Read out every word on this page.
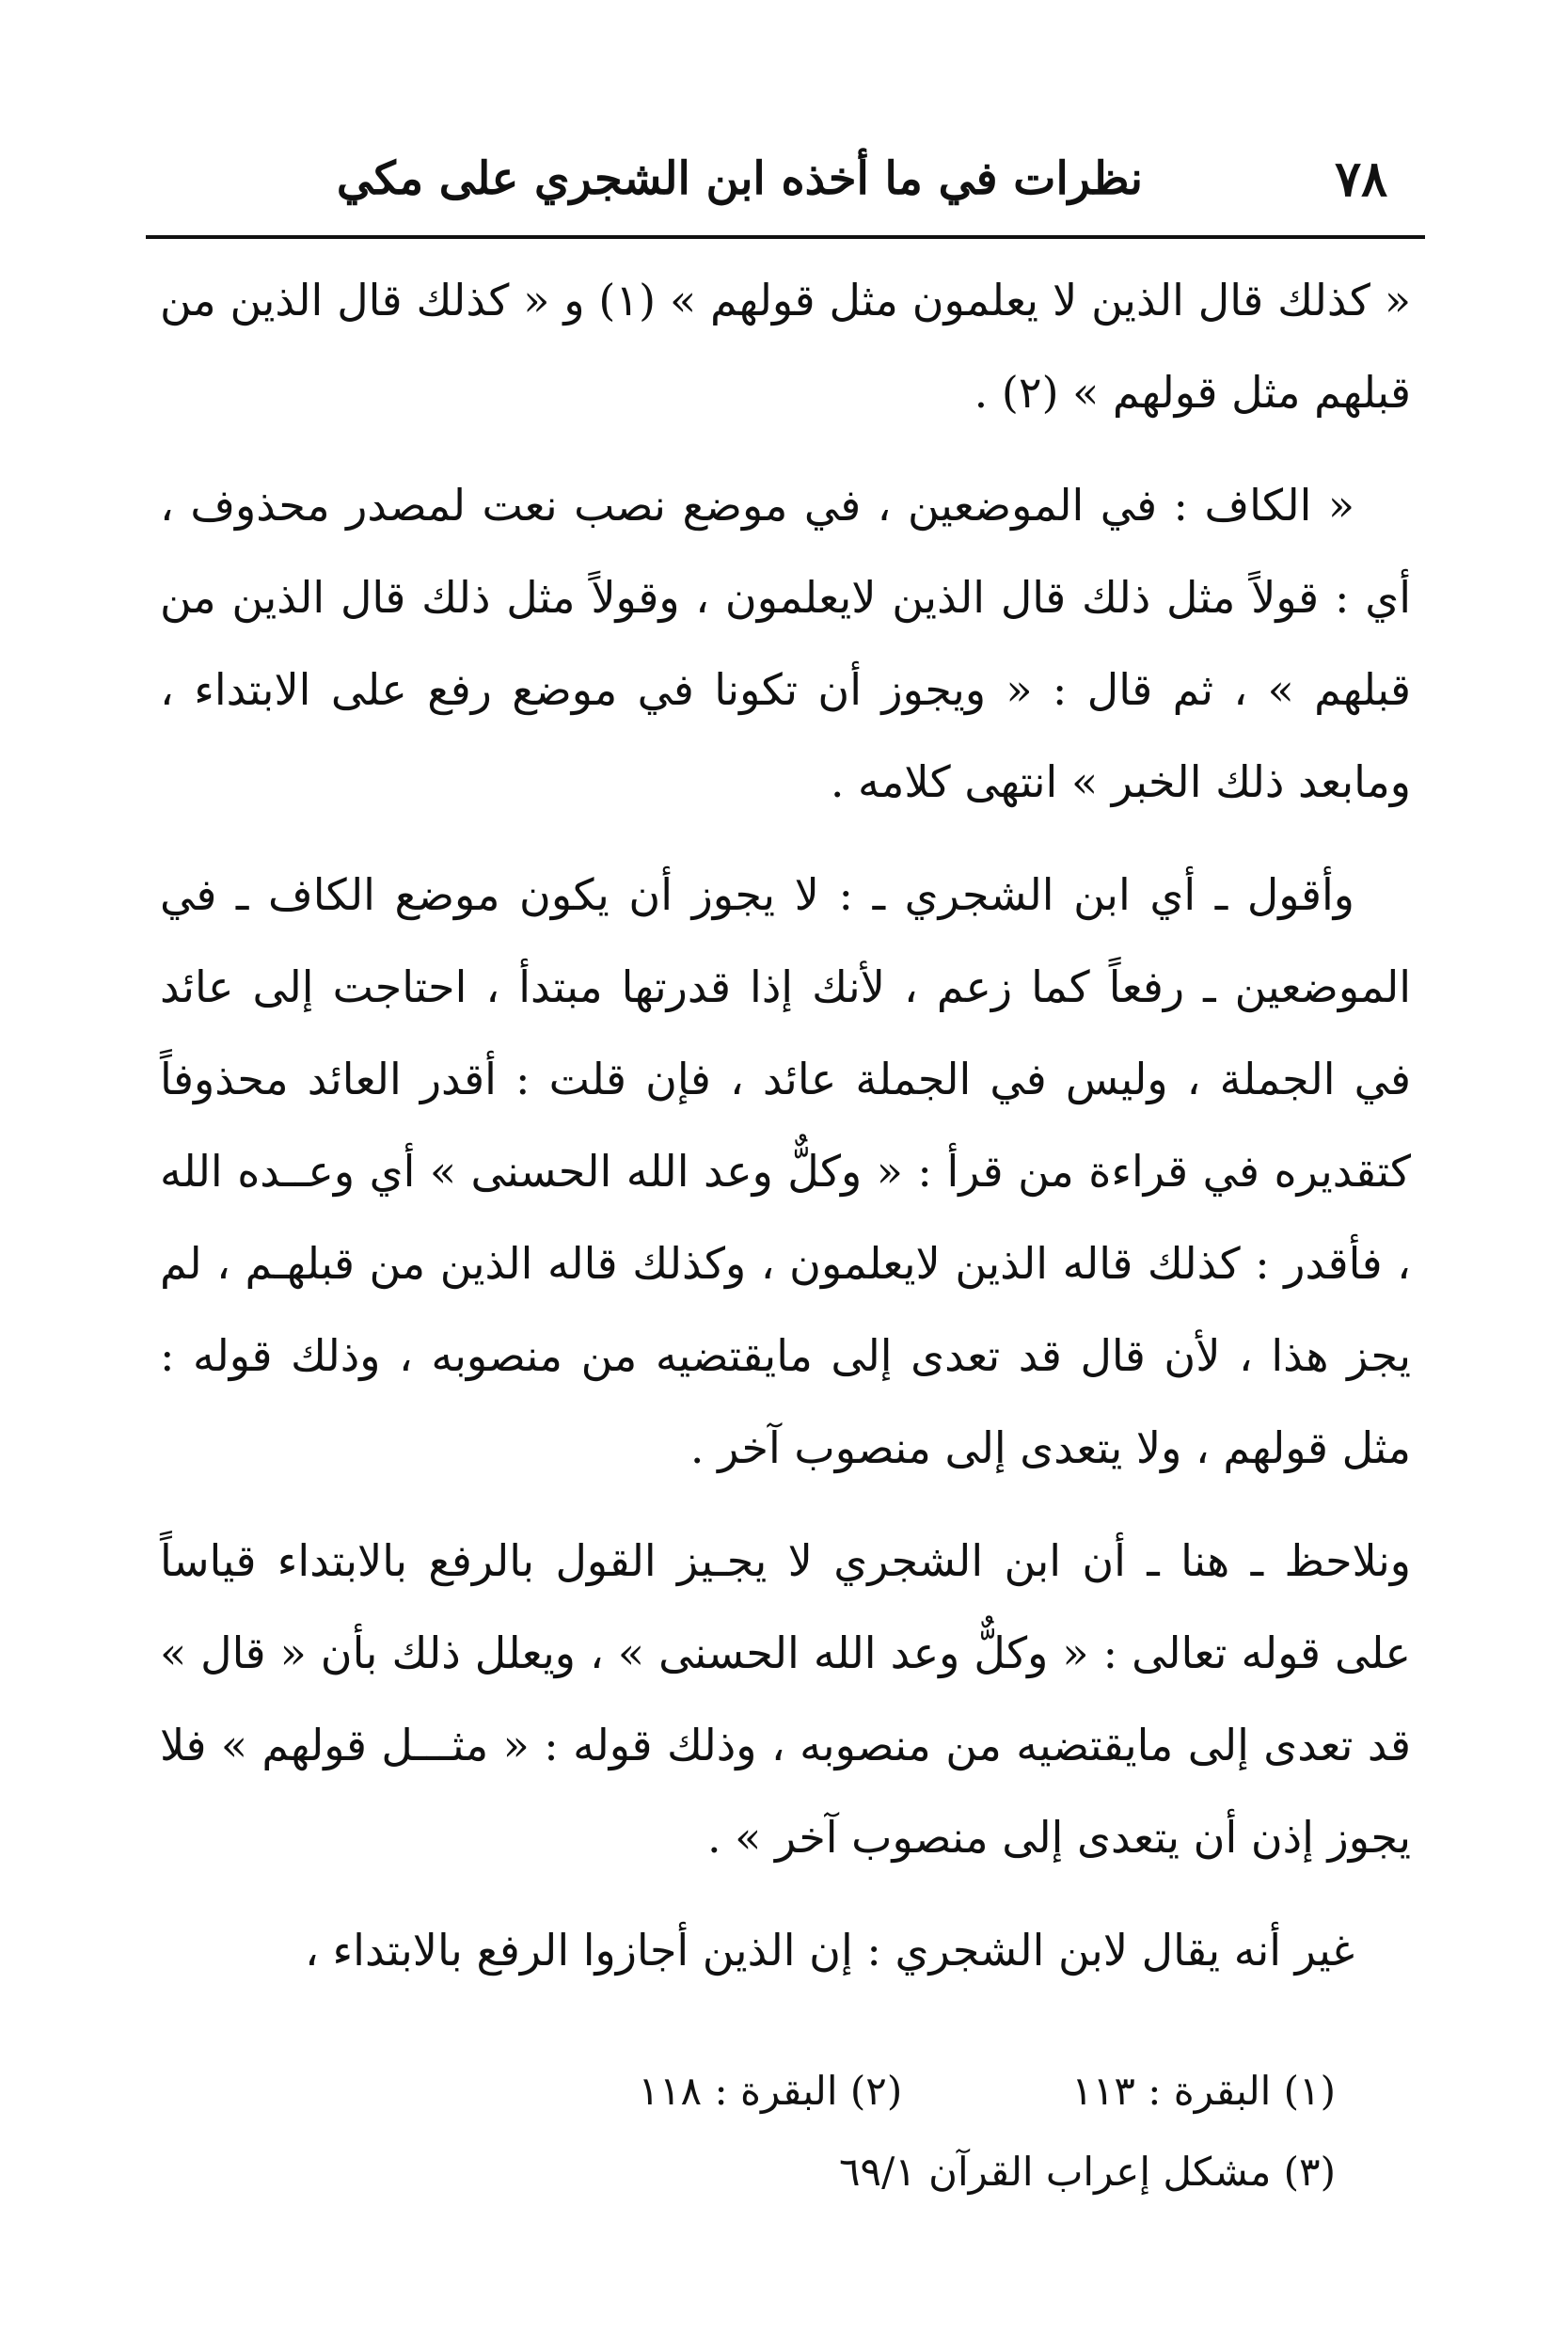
٧٨
نظرات في ما أخذه ابن الشجري على مكي

« كذلك قال الذين لا يعلمون مثل قولهم » (١) و « كذلك قال الذين من قبلهم مثل قولهم » (٢) .

« الكاف : في الموضعين ، في موضع نصب نعت لمصدر محذوف ، أي : قولاً مثل ذلك قال الذين لايعلمون ، وقولاً مثل ذلك قال الذين من قبلهم » ، ثم قال : « ويجوز أن تكونا في موضع رفع على الابتداء ، ومابعد ذلك الخبر » انتهى كلامه .

وأقول ـ أي ابن الشجري ـ : لا يجوز أن يكون موضع الكاف ـ في الموضعين ـ رفعاً كما زعم ، لأنك إذا قدرتها مبتدأ ، احتاجت إلى عائد في الجملة ، وليس في الجملة عائد ، فإن قلت : أقدر العائد محذوفاً كتقديره في قراءة من قرأ : « وكلٌّ وعد الله الحسنى » أي وعــده الله ، فأقدر : كذلك قاله الذين لايعلمون ، وكذلك قاله الذين من قبلهـم ، لم يجز هذا ، لأن قال قد تعدى إلى مايقتضيه من منصوبه ، وذلك قوله : مثل قولهم ، ولا يتعدى إلى منصوب آخر .

ونلاحظ ـ هنا ـ أن ابن الشجري لا يجـيز القول بالرفع بالابتداء قياساً على قوله تعالى : « وكلٌّ وعد الله الحسنى » ، ويعلل ذلك بأن « قال » قد تعدى إلى مايقتضيه من منصوبه ، وذلك قوله : « مثـــل قولهم » فلا يجوز إذن أن يتعدى إلى منصوب آخر » .

غير أنه يقال لابن الشجري : إن الذين أجازوا الرفع بالابتداء ،

(١) البقرة : ١١٣
(٢) البقرة : ١١٨
(٣) مشكل إعراب القرآن ٦٩/١
